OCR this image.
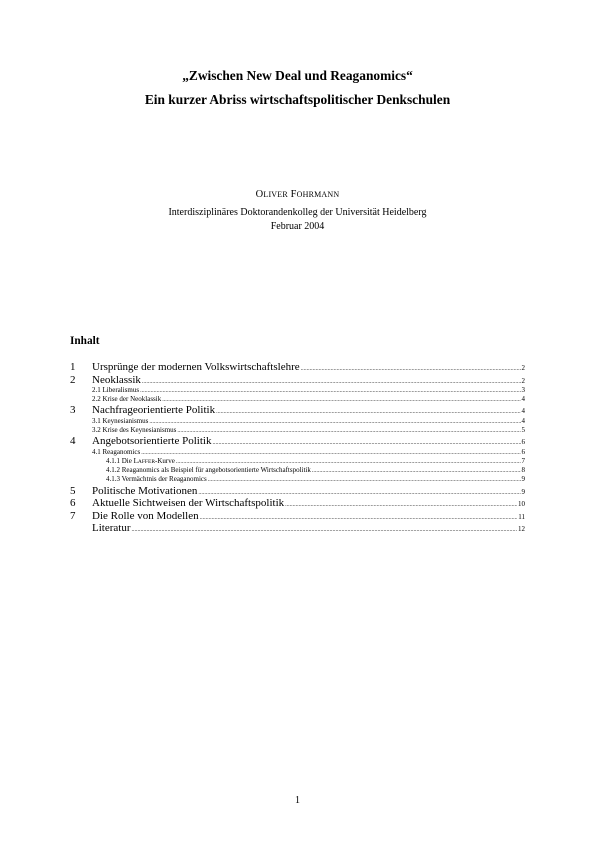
„Zwischen New Deal und Reaganomics“
Ein kurzer Abriss wirtschaftspolitischer Denkschulen
OLIVER FOHRMANN
Interdisziplinäres Doktorandenkolleg der Universität Heidelberg
Februar 2004
Inhalt
1	Ursprünge der modernen Volkswirtschaftslehre .....	2
2	Neoklassik .....	2
2.1 Liberalismus .....	3
2.2 Krise der Neoklassik .....	4
3	Nachfrageorientierte Politik .....	4
3.1 Keynesianismus .....	4
3.2 Krise des Keynesianismus .....	5
4	Angebotsorientierte Politik .....	6
4.1 Reaganomics .....	6
4.1.1 Die LAFFER-Kurve .....	7
4.1.2 Reaganomics als Beispiel für angebotsorientierte Wirtschaftspolitik .....	8
4.1.3 Vermächtnis der Reaganomics .....	9
5	Politische Motivationen .....	9
6	Aktuelle Sichtweisen der Wirtschaftspolitik .....	10
7	Die Rolle von Modellen .....	11
Literatur .....	12
1
